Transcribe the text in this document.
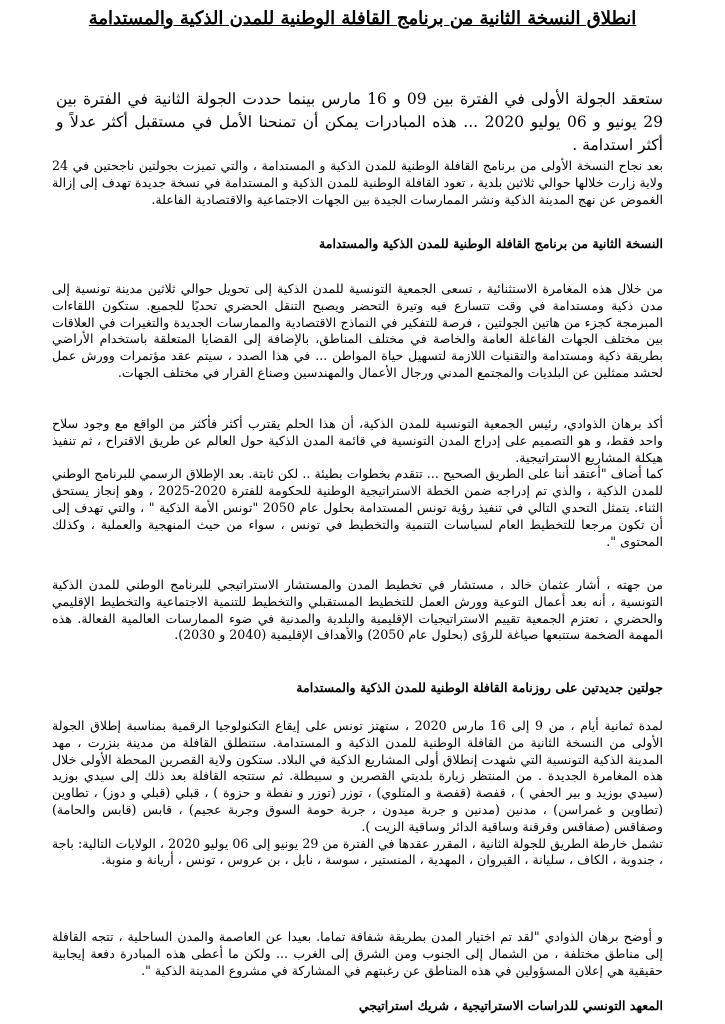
انطلاق النسخة الثانية من برنامج القافلة الوطنية للمدن الذكية والمستدامة

ستعقد الجولة الأولى في الفترة بين 09 و 16 مارس بينما حددت الجولة الثانية في الفترة بين 29 يونيو و 06 يوليو 2020 ... هذه المبادرات يمكن أن تمنحنا الأمل في مستقبل أكثر عدلاً و أكثر استدامة .

بعد نجاح النسخة الأولى من برنامج القافلة الوطنية للمدن الذكية و المستدامة ، والتي تميزت بجولتين ناجحتين في 24 ولاية زارت خلالها حوالي ثلاثين بلدية ، تعود القافلة الوطنية للمدن الذكية و المستدامة في نسخة جديدة تهدف إلى إزالة الغموض عن نهج المدينة الذكية ونشر الممارسات الجيدة بين الجهات الاجتماعية والاقتصادية الفاعلة.

النسخة الثانية من برنامج القافلة الوطنية للمدن الذكية والمستدامة

من خلال هذه المغامرة الاستثنائية ، تسعى الجمعية التونسية للمدن الذكية إلى تحويل حوالي ثلاثين مدينة تونسية إلى مدن ذكية ومستدامة في وقت تتسارع فيه وتيرة التحضر ويصبح التنقل الحضري تحديًا للجميع. ستكون اللقاءات المبرمجة كجزء من هاتين الجولتين ، فرصة للتفكير في النماذج الاقتصادية والممارسات الجديدة والتغيرات في العلاقات بين مختلف الجهات الفاعلة العامة والخاصة في مختلف المناطق، بالإضافة إلى القضايا المتعلقة باستخدام الأراضي بطريقة ذكية ومستدامة والتقنيات اللازمة لتسهيل حياة المواطن ... في هذا الصدد ، سيتم عقد مؤتمرات وورش عمل لحشد ممثلين عن البلديات والمجتمع المدني ورجال الأعمال والمهندسين وصناع القرار في مختلف الجهات.

أكد برهان الذوادي، رئيس الجمعية التونسية للمدن الذكية، أن هذا الحلم يقترب أكثر فأكثر من الواقع مع وجود سلاح واحد فقط، و هو التصميم على إدراج المدن التونسية في قائمة المدن الذكية حول العالم عن طريق الاقتراح ، ثم تنفيذ هيكلة المشاريع الاستراتيجية.

كما أضاف "أعتقد أننا على الطريق الصحيح ... تتقدم بخطوات بطيئة .. لكن ثابتة. بعد الإطلاق الرسمي للبرنامج الوطني للمدن الذكية ، والذي تم إدراجه ضمن الخطة الاستراتيجية الوطنية للحكومة للفترة 2020-2025 ، وهو إنجاز يستحق الثناء. يتمثل التحدي التالي في تنفيذ رؤية تونس المستدامة بحلول عام 2050 "تونس الأمة الذكية " ، والتي تهدف إلى أن تكون مرجعا للتخطيط العام لسياسات التنمية والتخطيط في تونس ، سواء من حيث المنهجية والعملية ، وكذلك المحتوى ".

من جهته ، أشار عثمان خالد ، مستشار في تخطيط المدن والمستشار الاستراتيجي للبرنامج الوطني للمدن الذكية التونسية ، أنه بعد أعمال التوعية وورش العمل للتخطيط المستقبلي والتخطيط للتنمية الاجتماعية والتخطيط الإقليمي والحضري ، تعتزم الجمعية تقييم الاستراتيجيات الإقليمية والبلدية والمدنية في ضوء الممارسات العالمية الفعالة. هذه المهمة الضخمة ستتبعها صياغة للرؤى (بحلول عام 2050) والأهداف الإقليمية (2040 و 2030).

جولتين جديدتين على روزنامة القافلة الوطنية للمدن الذكية والمستدامة

لمدة ثمانية أيام ، من 9 إلى 16 مارس 2020 ، ستهتز تونس على إيقاع التكنولوجيا الرقمية بمناسبة إطلاق الجولة الأولى من النسخة الثانية من القافلة الوطنية للمدن الذكية و المستدامة. ستنطلق القافلة من مدينة بنزرت ، مهد المدينة الذكية التونسية التي شهدت إنطلاق أولى المشاريع الذكية في البلاد. ستكون ولاية القصرين المحطة الأولى خلال هذه المغامرة الجديدة . من المنتظر زيارة بلديتي القصرين و سبيطلة. ثم ستتجه القافلة بعد ذلك إلى سيدي بوزيد (سيدي بوزيد و بير الحفي ) ، قفصة (قفصة و المتلوي) ، توزر (توزر و نفطة و حزوة ) ، قبلي (قبلي و دوز) ، تطاوين (تطاوين و غمراسن) ، مدنين (مدنين و جربة ميدون ، جربة حومة السوق وجربة عجيم) ، قابس (قابس والحامة) وصفاقس (صفاقس وقرقنة وساقية الدائر وساقية الزيت ).

تشمل خارطة الطريق للجولة الثانية ، المقرر عقدها في الفترة من 29 يونيو إلى 06 يوليو 2020 ، الولايات التالية: باجة ، جندوبة ، الكاف ، سليانة ، القيروان ، المهدية ، المنستير ، سوسة ، نابل ، بن عروس ، تونس ، أريانة و منوبة.

و أوضح برهان الذوادي "لقد تم اختيار المدن بطريقة شفافة تماما. بعيدا عن العاصمة والمدن الساحلية ، تتجه القافلة إلى مناطق مختلفة ، من الشمال إلى الجنوب ومن الشرق إلى الغرب ... ولكن ما أعطى هذه المبادرة دفعة إيجابية حقيقية هي إعلان المسؤولين في هذه المناطق عن رغبتهم في المشاركة في مشروع المدينة الذكية ".

المعهد التونسي للدراسات الاستراتيجية ، شريك استراتيجي
